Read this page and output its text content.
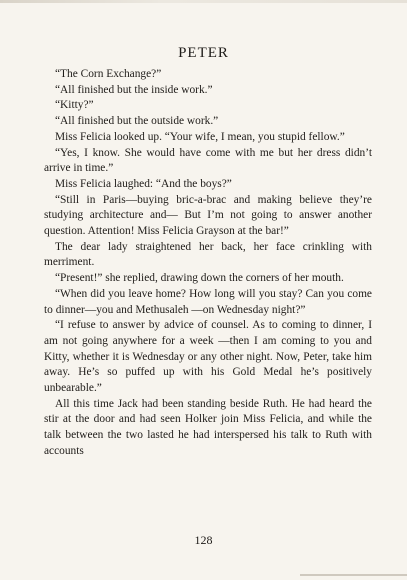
PETER

“The Corn Exchange?”

“All finished but the inside work.”

“Kitty?”

“All finished but the outside work.”

Miss Felicia looked up. “Your wife, I mean, you stupid fellow.”

“Yes, I know. She would have come with me but her dress didn’t arrive in time.”

Miss Felicia laughed: “And the boys?”

“Still in Paris—buying bric-a-brac and making believe they’re studying architecture and— But I’m not going to answer another question. Attention! Miss Felicia Grayson at the bar!”

The dear lady straightened her back, her face crinkling with merriment.

“Present!” she replied, drawing down the corners of her mouth.

“When did you leave home? How long will you stay? Can you come to dinner—you and Methusaleh —on Wednesday night?”

“I refuse to answer by advice of counsel. As to coming to dinner, I am not going anywhere for a week —then I am coming to you and Kitty, whether it is Wednesday or any other night. Now, Peter, take him away. He’s so puffed up with his Gold Medal he’s positively unbearable.”

All this time Jack had been standing beside Ruth. He had heard the stir at the door and had seen Holker join Miss Felicia, and while the talk between the two lasted he had interspersed his talk to Ruth with accounts

128
